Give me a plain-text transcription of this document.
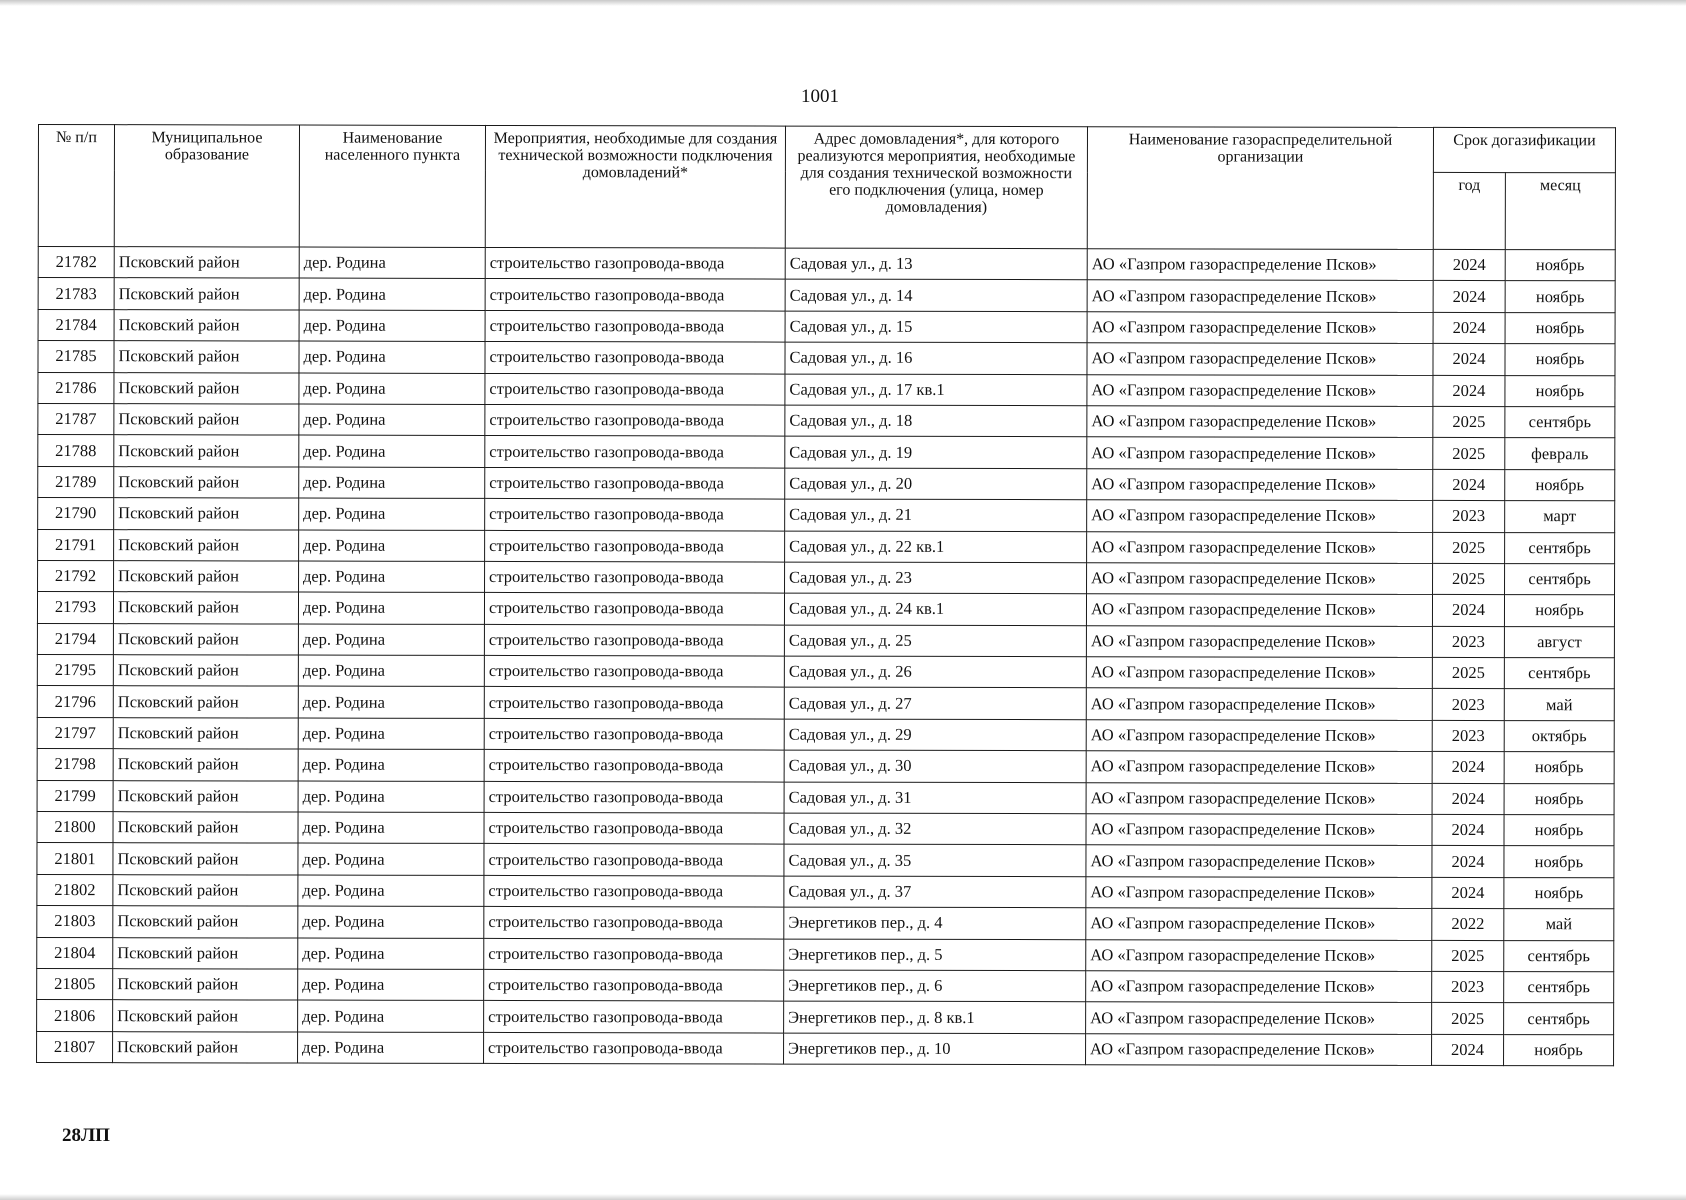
1001
№ п/п	Муниципальное образование	Наименование населенного пункта	Мероприятия, необходимые для создания технической возможности подключения домовладений*	Адрес домовладения*, для которого реализуются мероприятия, необходимые для создания технической возможности его подключения (улица, номер домовладения)	Наименование газораспределительной организации	Срок догазификации	
						год	месяц
21782	Псковский район	дер. Родина	строительство газопровода-ввода	Садовая ул., д. 13	АО «Газпром газораспределение Псков»	2024	ноябрь
21783	Псковский район	дер. Родина	строительство газопровода-ввода	Садовая ул., д. 14	АО «Газпром газораспределение Псков»	2024	ноябрь
21784	Псковский район	дер. Родина	строительство газопровода-ввода	Садовая ул., д. 15	АО «Газпром газораспределение Псков»	2024	ноябрь
21785	Псковский район	дер. Родина	строительство газопровода-ввода	Садовая ул., д. 16	АО «Газпром газораспределение Псков»	2024	ноябрь
21786	Псковский район	дер. Родина	строительство газопровода-ввода	Садовая ул., д. 17 кв.1	АО «Газпром газораспределение Псков»	2024	ноябрь
21787	Псковский район	дер. Родина	строительство газопровода-ввода	Садовая ул., д. 18	АО «Газпром газораспределение Псков»	2025	сентябрь
21788	Псковский район	дер. Родина	строительство газопровода-ввода	Садовая ул., д. 19	АО «Газпром газораспределение Псков»	2025	февраль
21789	Псковский район	дер. Родина	строительство газопровода-ввода	Садовая ул., д. 20	АО «Газпром газораспределение Псков»	2024	ноябрь
21790	Псковский район	дер. Родина	строительство газопровода-ввода	Садовая ул., д. 21	АО «Газпром газораспределение Псков»	2023	март
21791	Псковский район	дер. Родина	строительство газопровода-ввода	Садовая ул., д. 22 кв.1	АО «Газпром газораспределение Псков»	2025	сентябрь
21792	Псковский район	дер. Родина	строительство газопровода-ввода	Садовая ул., д. 23	АО «Газпром газораспределение Псков»	2025	сентябрь
21793	Псковский район	дер. Родина	строительство газопровода-ввода	Садовая ул., д. 24 кв.1	АО «Газпром газораспределение Псков»	2024	ноябрь
21794	Псковский район	дер. Родина	строительство газопровода-ввода	Садовая ул., д. 25	АО «Газпром газораспределение Псков»	2023	август
21795	Псковский район	дер. Родина	строительство газопровода-ввода	Садовая ул., д. 26	АО «Газпром газораспределение Псков»	2025	сентябрь
21796	Псковский район	дер. Родина	строительство газопровода-ввода	Садовая ул., д. 27	АО «Газпром газораспределение Псков»	2023	май
21797	Псковский район	дер. Родина	строительство газопровода-ввода	Садовая ул., д. 29	АО «Газпром газораспределение Псков»	2023	октябрь
21798	Псковский район	дер. Родина	строительство газопровода-ввода	Садовая ул., д. 30	АО «Газпром газораспределение Псков»	2024	ноябрь
21799	Псковский район	дер. Родина	строительство газопровода-ввода	Садовая ул., д. 31	АО «Газпром газораспределение Псков»	2024	ноябрь
21800	Псковский район	дер. Родина	строительство газопровода-ввода	Садовая ул., д. 32	АО «Газпром газораспределение Псков»	2024	ноябрь
21801	Псковский район	дер. Родина	строительство газопровода-ввода	Садовая ул., д. 35	АО «Газпром газораспределение Псков»	2024	ноябрь
21802	Псковский район	дер. Родина	строительство газопровода-ввода	Садовая ул., д. 37	АО «Газпром газораспределение Псков»	2024	ноябрь
21803	Псковский район	дер. Родина	строительство газопровода-ввода	Энергетиков пер., д. 4	АО «Газпром газораспределение Псков»	2022	май
21804	Псковский район	дер. Родина	строительство газопровода-ввода	Энергетиков пер., д. 5	АО «Газпром газораспределение Псков»	2025	сентябрь
21805	Псковский район	дер. Родина	строительство газопровода-ввода	Энергетиков пер., д. 6	АО «Газпром газораспределение Псков»	2023	сентябрь
21806	Псковский район	дер. Родина	строительство газопровода-ввода	Энергетиков пер., д. 8 кв.1	АО «Газпром газораспределение Псков»	2025	сентябрь
21807	Псковский район	дер. Родина	строительство газопровода-ввода	Энергетиков пер., д. 10	АО «Газпром газораспределение Псков»	2024	ноябрь
28ЛП
